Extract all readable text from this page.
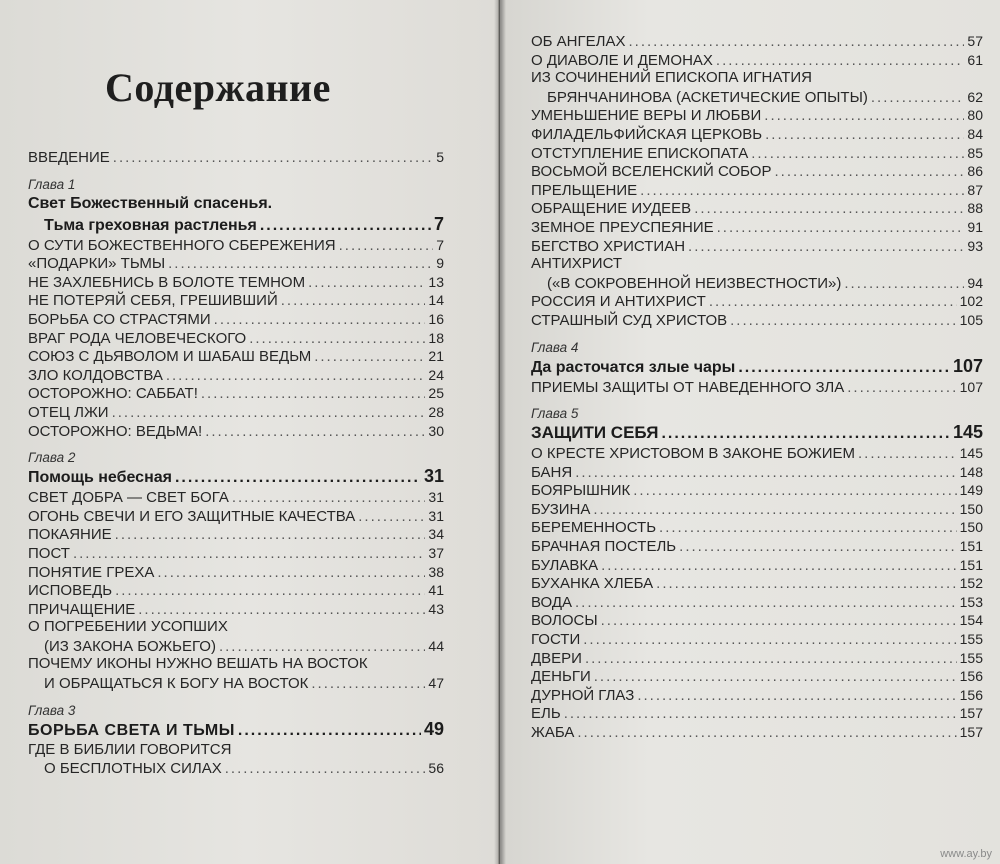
Содержание
ВВЕДЕНИЕ .....	5
Глава 1
Свет Божественный спасенья.
Тьма греховная растленья .....	7
О СУТИ БОЖЕСТВЕННОГО СБЕРЕЖЕНИЯ .....	7
«ПОДАРКИ» ТЬМЫ .....	9
НЕ ЗАХЛЕБНИСЬ В БОЛОТЕ ТЕМНОМ .....	13
НЕ ПОТЕРЯЙ СЕБЯ, ГРЕШИВШИЙ .....	14
БОРЬБА СО СТРАСТЯМИ .....	16
ВРАГ РОДА ЧЕЛОВЕЧЕСКОГО .....	18
СОЮЗ С ДЬЯВОЛОМ И ШАБАШ ВЕДЬМ .....	21
ЗЛО КОЛДОВСТВА .....	24
ОСТОРОЖНО: САББАТ! .....	25
ОТЕЦ ЛЖИ .....	28
ОСТОРОЖНО: ВЕДЬМА! .....	30
Глава 2
Помощь небесная .....	31
СВЕТ ДОБРА — СВЕТ БОГА .....	31
ОГОНЬ СВЕЧИ И ЕГО ЗАЩИТНЫЕ КАЧЕСТВА .....	31
ПОКАЯНИЕ .....	34
ПОСТ .....	37
ПОНЯТИЕ ГРЕХА .....	38
ИСПОВЕДЬ .....	41
ПРИЧАЩЕНИЕ .....	43
О ПОГРЕБЕНИИ УСОПШИХ
(ИЗ ЗАКОНА БОЖЬЕГО) .....	44
ПОЧЕМУ ИКОНЫ НУЖНО ВЕШАТЬ НА ВОСТОК
И ОБРАЩАТЬСЯ К БОГУ НА ВОСТОК .....	47
Глава 3
БОРЬБА СВЕТА И ТЬМЫ .....	49
ГДЕ В БИБЛИИ ГОВОРИТСЯ
О БЕСПЛОТНЫХ СИЛАХ .....	56
ОБ АНГЕЛАХ .....	57
О ДИАВОЛЕ И ДЕМОНАХ .....	61
ИЗ СОЧИНЕНИЙ ЕПИСКОПА ИГНАТИЯ
БРЯНЧАНИНОВА (АСКЕТИЧЕСКИЕ ОПЫТЫ) .....	62
УМЕНЬШЕНИЕ ВЕРЫ И ЛЮБВИ .....	80
ФИЛАДЕЛЬФИЙСКАЯ ЦЕРКОВЬ .....	84
ОТСТУПЛЕНИЕ ЕПИСКОПАТА .....	85
ВОСЬМОЙ ВСЕЛЕНСКИЙ СОБОР .....	86
ПРЕЛЬЩЕНИЕ .....	87
ОБРАЩЕНИЕ ИУДЕЕВ .....	88
ЗЕМНОЕ ПРЕУСПЕЯНИЕ .....	91
БЕГСТВО ХРИСТИАН .....	93
АНТИХРИСТ
(«В СОКРОВЕННОЙ НЕИЗВЕСТНОСТИ») .....	94
РОССИЯ И АНТИХРИСТ .....	102
СТРАШНЫЙ СУД ХРИСТОВ .....	105
Глава 4
Да расточатся злые чары .....	107
ПРИЕМЫ ЗАЩИТЫ ОТ НАВЕДЕННОГО ЗЛА .....	107
Глава 5
ЗАЩИТИ СЕБЯ .....	145
О КРЕСТЕ ХРИСТОВОМ В ЗАКОНЕ БОЖИЕМ .....	145
БАНЯ .....	148
БОЯРЫШНИК .....	149
БУЗИНА .....	150
БЕРЕМЕННОСТЬ .....	150
БРАЧНАЯ ПОСТЕЛЬ .....	151
БУЛАВКА .....	151
БУХАНКА ХЛЕБА .....	152
ВОДА .....	153
ВОЛОСЫ .....	154
ГОСТИ .....	155
ДВЕРИ .....	155
ДЕНЬГИ .....	156
ДУРНОЙ ГЛАЗ .....	156
ЕЛЬ .....	157
ЖАБА .....	157
www.ay.by
